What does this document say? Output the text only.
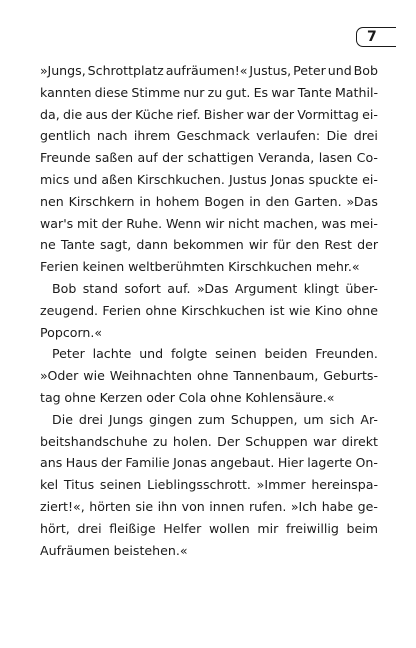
7
»Jungs, Schrottplatz aufräumen!« Justus, Peter und Bob
kannten diese Stimme nur zu gut. Es war Tante Mathil-
da, die aus der Küche rief. Bisher war der Vormittag ei-
gentlich nach ihrem Geschmack verlaufen: Die drei
Freunde saßen auf der schattigen Veranda, lasen Co-
mics und aßen Kirschkuchen. Justus Jonas spuckte ei-
nen Kirschkern in hohem Bogen in den Garten. »Das
war's mit der Ruhe. Wenn wir nicht machen, was mei-
ne Tante sagt, dann bekommen wir für den Rest der
Ferien keinen weltberühmten Kirschkuchen mehr.«
Bob stand sofort auf. »Das Argument klingt über-
zeugend. Ferien ohne Kirschkuchen ist wie Kino ohne
Popcorn.«
Peter lachte und folgte seinen beiden Freunden.
»Oder wie Weihnachten ohne Tannenbaum, Geburts-
tag ohne Kerzen oder Cola ohne Kohlensäure.«
Die drei Jungs gingen zum Schuppen, um sich Ar-
beitshandschuhe zu holen. Der Schuppen war direkt
ans Haus der Familie Jonas angebaut. Hier lagerte On-
kel Titus seinen Lieblingsschrott. »Immer hereinspa-
ziert!«, hörten sie ihn von innen rufen. »Ich habe ge-
hört, drei fleißige Helfer wollen mir freiwillig beim
Aufräumen beistehen.«
